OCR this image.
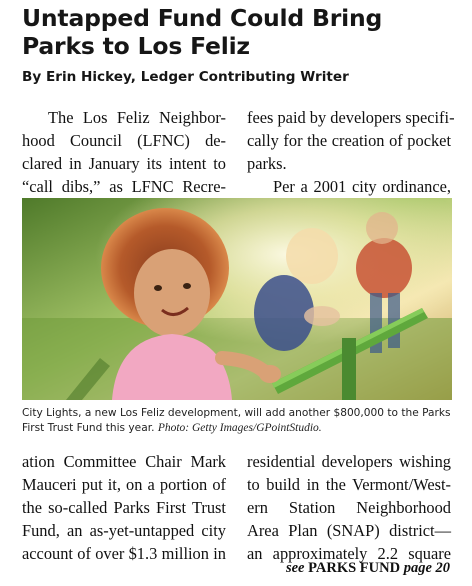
Untapped Fund Could Bring Parks to Los Feliz
By Erin Hickey, Ledger Contributing Writer

The Los Feliz Neighbor-
hood Council (LFNC) de-
clared in January its intent to
“call dibs,” as LFNC Recre-

fees paid by developers specifi-
cally for the creation of pocket
parks.

Per a 2001 city ordinance,

City Lights, a new Los Feliz development, will add another $800,000 to the Parks First Trust Fund this year. Photo: Getty Images/GPointStudio.

ation Committee Chair Mark
Mauceri put it, on a portion of
the so-called Parks First Trust
Fund, an as-yet-untapped city
account of over $1.3 million in

residential developers wishing
to build in the Vermont/West-
ern Station Neighborhood
Area Plan (SNAP) district—
an approximately 2.2 square

see PARKS FUND page 20
